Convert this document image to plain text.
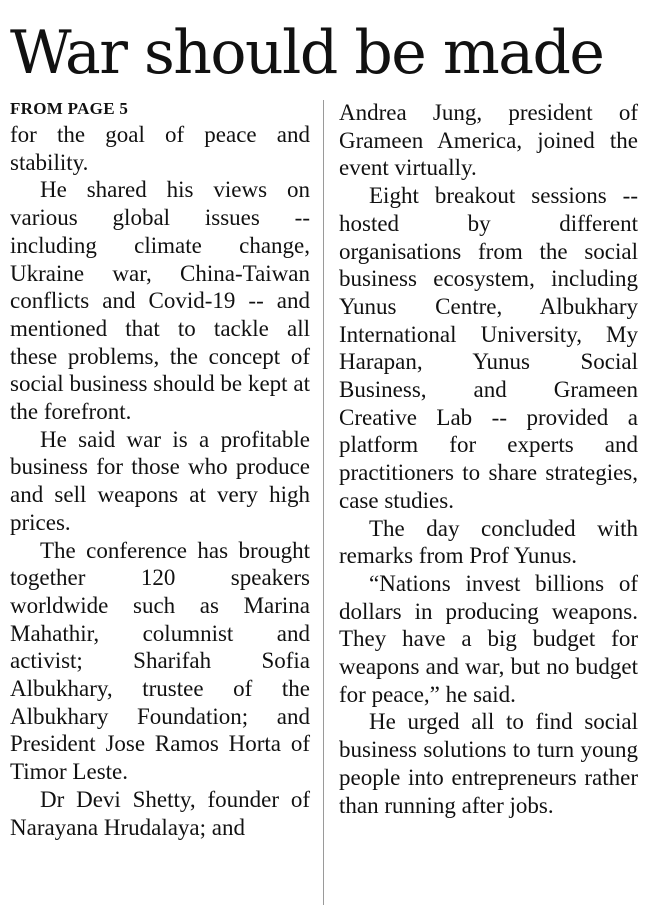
War should be made
FROM PAGE 5

for the goal of peace and stability.

He shared his views on various global issues -- including climate change, Ukraine war, China-Taiwan conflicts and Covid-19 -- and mentioned that to tackle all these problems, the concept of social business should be kept at the forefront.

He said war is a profitable business for those who produce and sell weapons at very high prices.

The conference has brought together 120 speakers worldwide such as Marina Mahathir, columnist and activist; Sharifah Sofia Albukhary, trustee of the Albukhary Foundation; and President Jose Ramos Horta of Timor Leste.

Dr Devi Shetty, founder of Narayana Hrudalaya; and

Andrea Jung, president of Grameen America, joined the event virtually.

Eight breakout sessions -- hosted by different organisations from the social business ecosystem, including Yunus Centre, Albukhary International University, My Harapan, Yunus Social Business, and Grameen Creative Lab -- provided a platform for experts and practitioners to share strategies, case studies.

The day concluded with remarks from Prof Yunus.

“Nations invest billions of dollars in producing weapons. They have a big budget for weapons and war, but no budget for peace,” he said.

He urged all to find social business solutions to turn young people into entrepreneurs rather than running after jobs.
